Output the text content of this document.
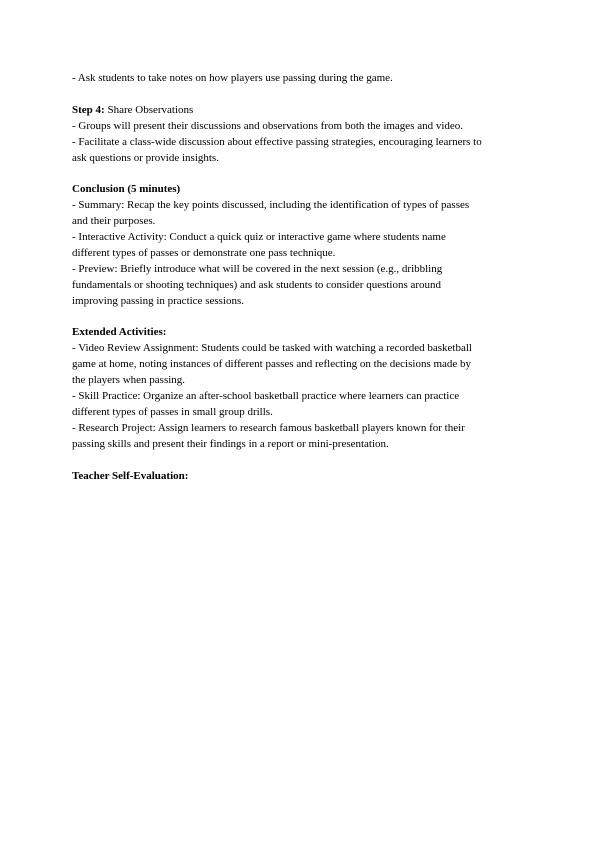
- Ask students to take notes on how players use passing during the game.

Step 4: Share Observations
- Groups will present their discussions and observations from both the images and video.
- Facilitate a class-wide discussion about effective passing strategies, encouraging learners to
ask questions or provide insights.
Conclusion (5 minutes)
- Summary: Recap the key points discussed, including the identification of types of passes
and their purposes.
- Interactive Activity: Conduct a quick quiz or interactive game where students name
different types of passes or demonstrate one pass technique.
- Preview: Briefly introduce what will be covered in the next session (e.g., dribbling
fundamentals or shooting techniques) and ask students to consider questions around
improving passing in practice sessions.
Extended Activities:
- Video Review Assignment: Students could be tasked with watching a recorded basketball
game at home, noting instances of different passes and reflecting on the decisions made by
the players when passing.
- Skill Practice: Organize an after-school basketball practice where learners can practice
different types of passes in small group drills.
- Research Project: Assign learners to research famous basketball players known for their
passing skills and present their findings in a report or mini-presentation.
Teacher Self-Evaluation:
